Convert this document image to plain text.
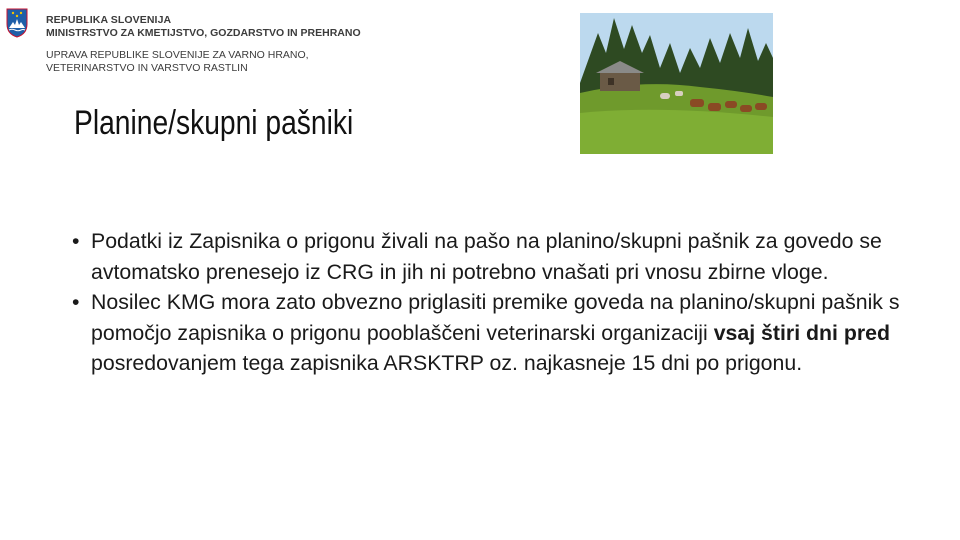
REPUBLIKA SLOVENIJA
MINISTRSTVO ZA KMETIJSTVO, GOZDARSTVO IN PREHRANO
UPRAVA REPUBLIKE SLOVENIJE ZA VARNO HRANO,
VETERINARSTVO IN VARSTVO RASTLIN
Planine/skupni pašniki
• Podatki iz Zapisnika o prigonu živali na pašo na planino/skupni pašnik za govedo se avtomatsko prenesejo iz CRG in jih ni potrebno vnašati pri vnosu zbirne vloge.
• Nosilec KMG mora zato obvezno priglasiti premike goveda na planino/skupni pašnik s pomočjo zapisnika o prigonu pooblaščeni veterinarski organizaciji vsaj štiri dni pred posredovanjem tega zapisnika ARSKTRP oz. najkasneje 15 dni po prigonu.
